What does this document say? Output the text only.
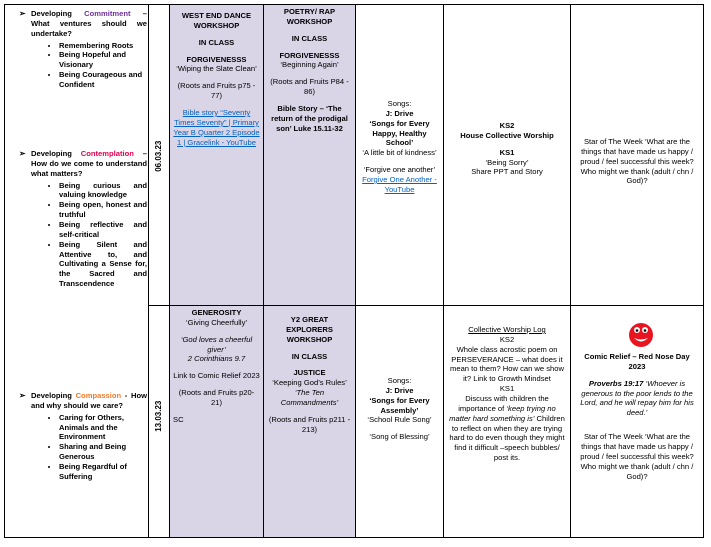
➢ Developing Commitment – What ventures should we undertake?
• Remembering Roots
• Being Hopeful and Visionary
• Being Courageous and Confident
➢ Developing Contemplation – How do we come to understand what matters?
• Being curious and valuing knowledge
• Being open, honest and truthful
• Being reflective and self-critical
• Being Silent and Attentive to, and Cultivating a Sense for, the Sacred and Transcendence
➢ Developing Compassion - How and why should we care?
• Caring for Others, Animals and the Environment
• Sharing and Being Generous
• Being Regardful of Suffering
06.03.23
13.03.23
WEST END DANCE WORKSHOP
IN CLASS
FORGIVENESSS
‘Wiping the Slate Clean’
(Roots and Fruits p75 - 77)
Bible story “Seventy Times Seventy” | Primary Year B Quarter 2 Episode 1 | Gracelink - YouTube
POETRY/ RAP WORKSHOP
IN CLASS
FORGIVENESSS
‘Beginning Again’
(Roots and Fruits P84 - 86)
Bible Story – ‘The return of the prodigal son’ Luke 15.11-32
Songs:
J: Drive
‘Songs for Every Happy, Healthy School’
‘A little bit of kindness’
‘Forgive one another’
Forgive One Another - YouTube
KS2
House Collective Worship
KS1
‘Being Sorry’
Share PPT and Story
Star of The Week ‘What are the things that have made us happy / proud / feel successful this week? Who might we thank (adult / chn / God)?
GENEROSITY
‘Giving Cheerfully’
‘God loves a cheerful giver’
2 Corinthians 9.7
Link to Comic Relief 2023
(Roots and Fruits p20- 21)
SC
Y2 GREAT EXPLORERS WORKSHOP
IN CLASS
JUSTICE
‘Keeping God’s Rules’
‘The Ten Commandments’
(Roots and Fruits p211 - 213)
Songs:
J: Drive
‘Songs for Every Assembly’
‘School Rule Song’
‘Song of Blessing’
Collective Worship Log
KS2
Whole class acrostic poem on PERSEVERANCE – what does it mean to them? How can we show it? Link to Growth Mindset
KS1
Discuss with children the importance of ‘keep trying no matter hard something is’ Children to reflect on when they are trying hard to do even though they might find it difficult –speech bubbles/ post its.
Comic Relief – Red Nose Day 2023
Proverbs 19:17 ‘Whoever is generous to the poor lends to the Lord, and he will repay him for his deed.’
Star of The Week ‘What are the things that have made us happy / proud / feel successful this week? Who might we thank (adult / chn / God)?
